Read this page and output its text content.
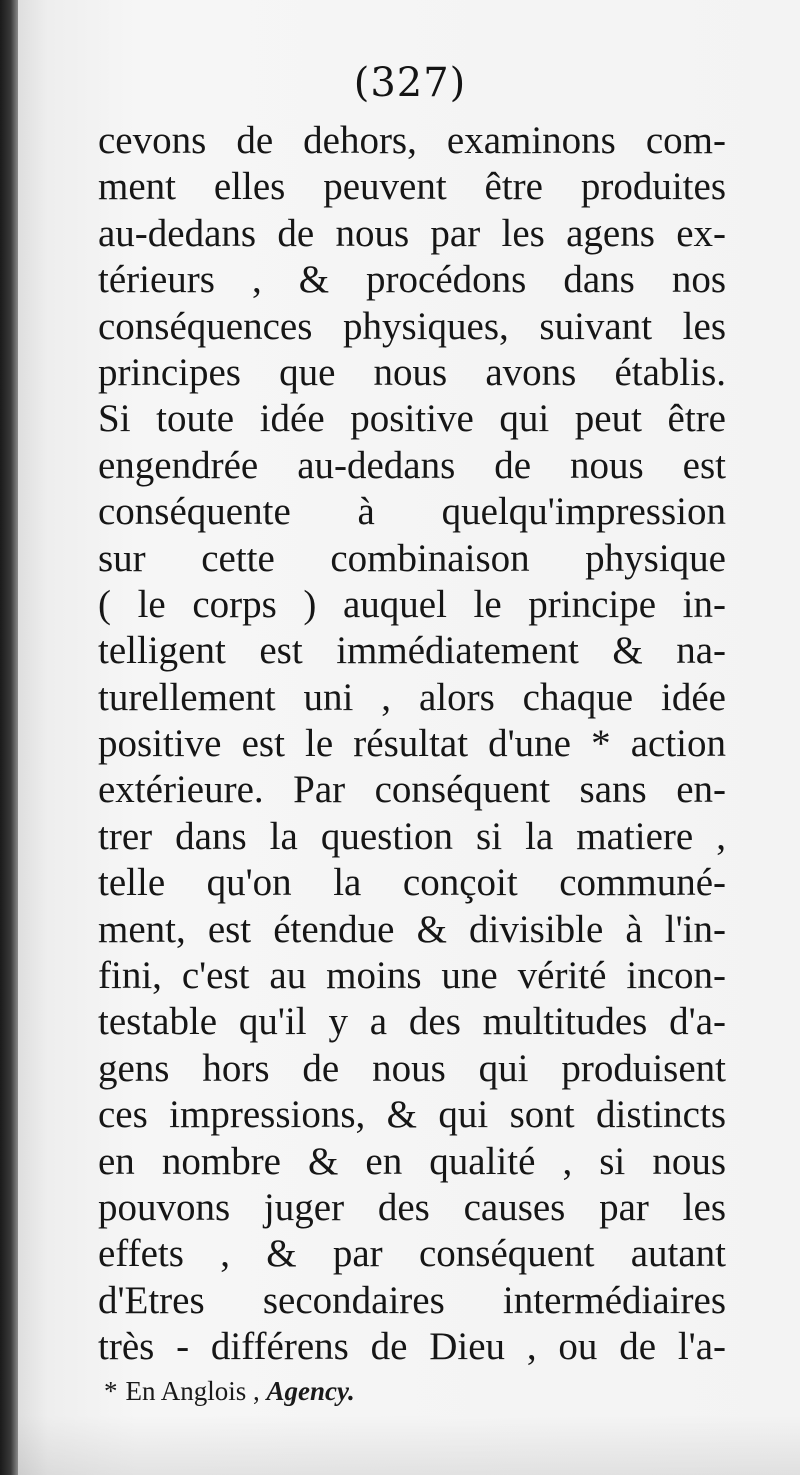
(327)
cevons de dehors, examinons com-
ment elles peuvent être produites
au-dedans de nous par les agens ex-
térieurs , & procédons dans nos
conséquences physiques, suivant les
principes que nous avons établis.
Si toute idée positive qui peut être
engendrée au-dedans de nous est
conséquente à quelqu'impression
sur cette combinaison physique
( le corps ) auquel le principe in-
telligent est immédiatement & na-
turellement uni , alors chaque idée
positive est le résultat d'une * action
extérieure. Par conséquent sans en-
trer dans la question si la matiere ,
telle qu'on la conçoit communé-
ment, est étendue & divisible à l'in-
fini, c'est au moins une vérité incon-
testable qu'il y a des multitudes d'a-
gens hors de nous qui produisent
ces impressions, & qui sont distincts
en nombre & en qualité , si nous
pouvons juger des causes par les
effets , & par conséquent autant
d'Etres secondaires intermédiaires
très - différens de Dieu , ou de l'a-
* En Anglois , Agency.
